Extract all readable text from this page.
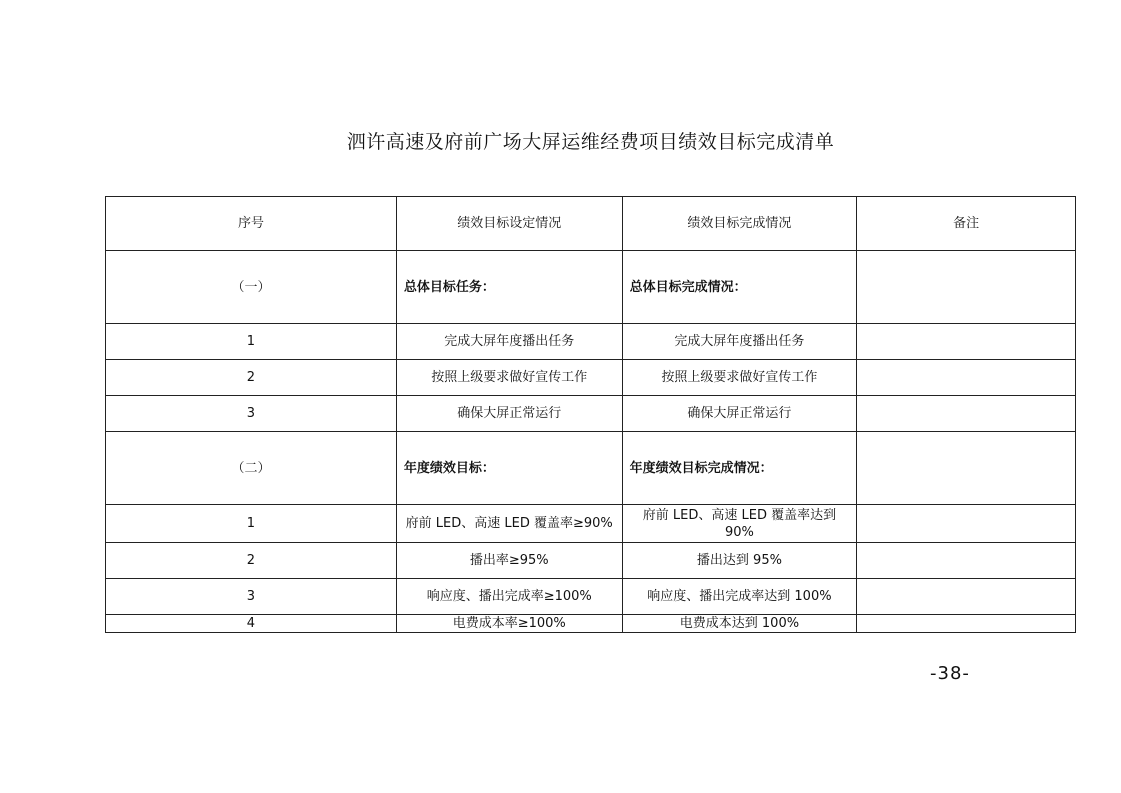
泗许高速及府前广场大屏运维经费项目绩效目标完成清单
序号	绩效目标设定情况	绩效目标完成情况	备注
（一）	总体目标任务：	总体目标完成情况：	
1	完成大屏年度播出任务	完成大屏年度播出任务	
2	按照上级要求做好宣传工作	按照上级要求做好宣传工作	
3	确保大屏正常运行	确保大屏正常运行	
（二）	年度绩效目标：	年度绩效目标完成情况：	
1	府前 LED、高速 LED 覆盖率≥90%	府前 LED、高速 LED 覆盖率达到 90%	
2	播出率≥95%	播出达到 95%	
3	响应度、播出完成率≥100%	响应度、播出完成率达到 100%	
4	电费成本率≥100%	电费成本达到 100%	
-38-
